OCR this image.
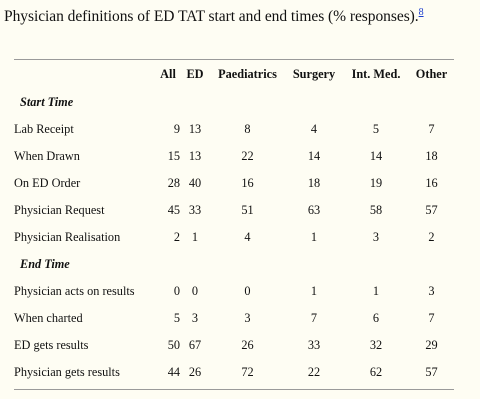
Physician definitions of ED TAT start and end times (% responses).$^8$
	All	ED	Paediatrics	Surgery	Int. Med.	Other
Start Time						
Lab Receipt	9	13	8	4	5	7
When Drawn	15	13	22	14	14	18
On ED Order	28	40	16	18	19	16
Physician Request	45	33	51	63	58	57
Physician Realisation	2	1	4	1	3	2
End Time						
Physician acts on results	0	0	0	1	1	3
When charted	5	3	3	7	6	7
ED gets results	50	67	26	33	32	29
Physician gets results	44	26	72	22	62	57
